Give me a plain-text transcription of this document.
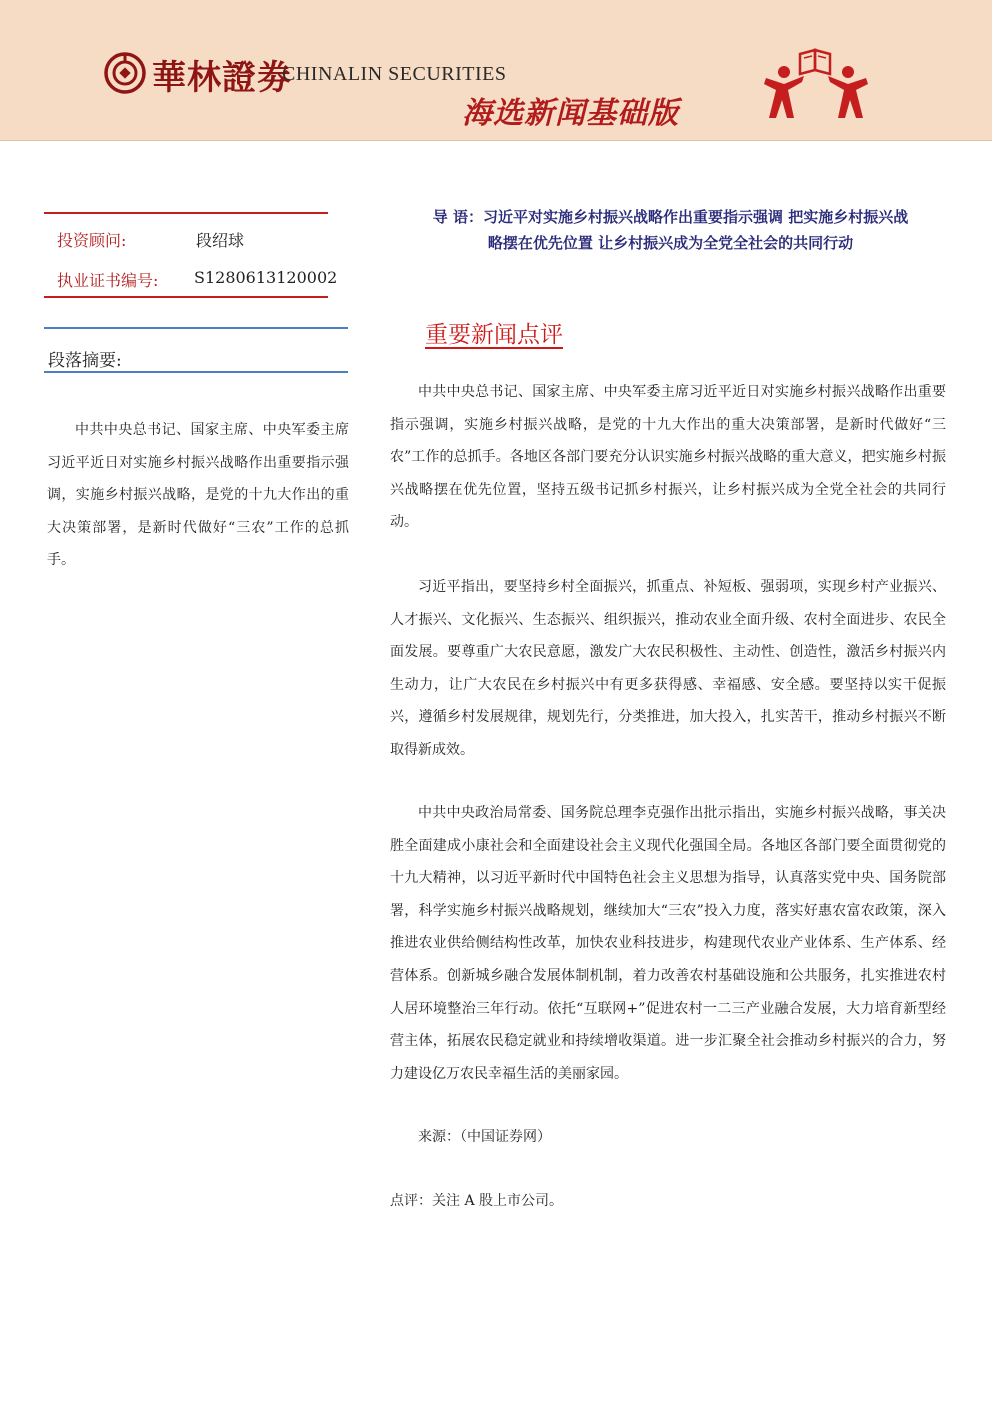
華林證劵
CHINALIN SECURITIES
海选新闻基础版
投资顾问:	段绍球
执业证书编号: S1280613120002
段落摘要:

中共中央总书记、国家主席、中央军委主席习近平近日对实施乡村振兴战略作出重要指示强调，实施乡村振兴战略，是党的十九大作出的重大决策部署，是新时代做好“三农”工作的总抓手。

导 语：习近平对实施乡村振兴战略作出重要指示强调 把实施乡村振兴战
略摆在优先位置 让乡村振兴成为全党全社会的共同行动

重要新闻点评

中共中央总书记、国家主席、中央军委主席习近平近日对实施乡村振兴战略作出重要指示强调，实施乡村振兴战略，是党的十九大作出的重大决策部署，是新时代做好“三农”工作的总抓手。各地区各部门要充分认识实施乡村振兴战略的重大意义，把实施乡村振兴战略摆在优先位置，坚持五级书记抓乡村振兴，让乡村振兴成为全党全社会的共同行动。

习近平指出，要坚持乡村全面振兴，抓重点、补短板、强弱项，实现乡村产业振兴、人才振兴、文化振兴、生态振兴、组织振兴，推动农业全面升级、农村全面进步、农民全面发展。要尊重广大农民意愿，激发广大农民积极性、主动性、创造性，激活乡村振兴内生动力，让广大农民在乡村振兴中有更多获得感、幸福感、安全感。要坚持以实干促振兴，遵循乡村发展规律，规划先行，分类推进，加大投入，扎实苦干，推动乡村振兴不断取得新成效。

中共中央政治局常委、国务院总理李克强作出批示指出，实施乡村振兴战略，事关决胜全面建成小康社会和全面建设社会主义现代化强国全局。各地区各部门要全面贯彻党的十九大精神，以习近平新时代中国特色社会主义思想为指导，认真落实党中央、国务院部署，科学实施乡村振兴战略规划，继续加大“三农”投入力度，落实好惠农富农政策，深入推进农业供给侧结构性改革，加快农业科技进步，构建现代农业产业体系、生产体系、经营体系。创新城乡融合发展体制机制，着力改善农村基础设施和公共服务，扎实推进农村人居环境整治三年行动。依托“互联网+”促进农村一二三产业融合发展，大力培育新型经营主体，拓展农民稳定就业和持续增收渠道。进一步汇聚全社会推动乡村振兴的合力，努力建设亿万农民幸福生活的美丽家园。

来源：（中国证券网）
点评：关注 A 股上市公司。
